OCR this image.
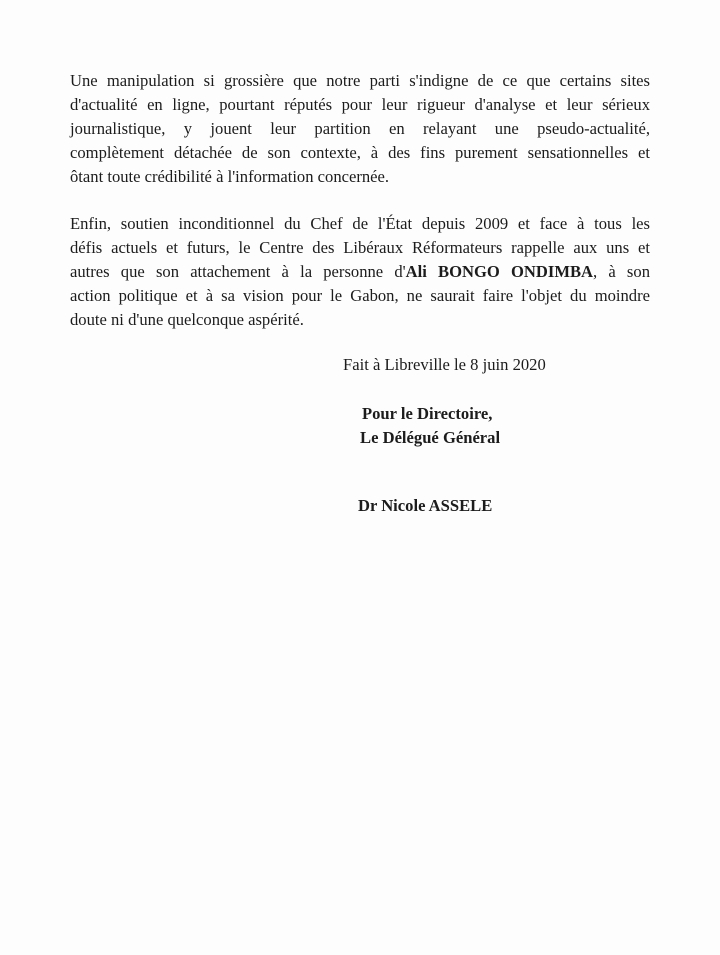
Une manipulation si grossière que notre parti s'indigne de ce que certains sites
d'actualité en ligne, pourtant réputés pour leur rigueur d'analyse et leur sérieux
journalistique, y jouent leur partition en relayant une pseudo-actualité,
complètement détachée de son contexte, à des fins purement sensationnelles et
ôtant toute crédibilité à l'information concernée.
Enfin, soutien inconditionnel du Chef de l'État depuis 2009 et face à tous les
défis actuels et futurs, le Centre des Libéraux Réformateurs rappelle aux uns et
autres que son attachement à la personne d'Ali BONGO ONDIMBA, à son
action politique et à sa vision pour le Gabon, ne saurait faire l'objet du moindre
doute ni d'une quelconque aspérité.
Fait à Libreville le 8 juin 2020
Pour le Directoire,
Le Délégué Général
Dr Nicole ASSELE
